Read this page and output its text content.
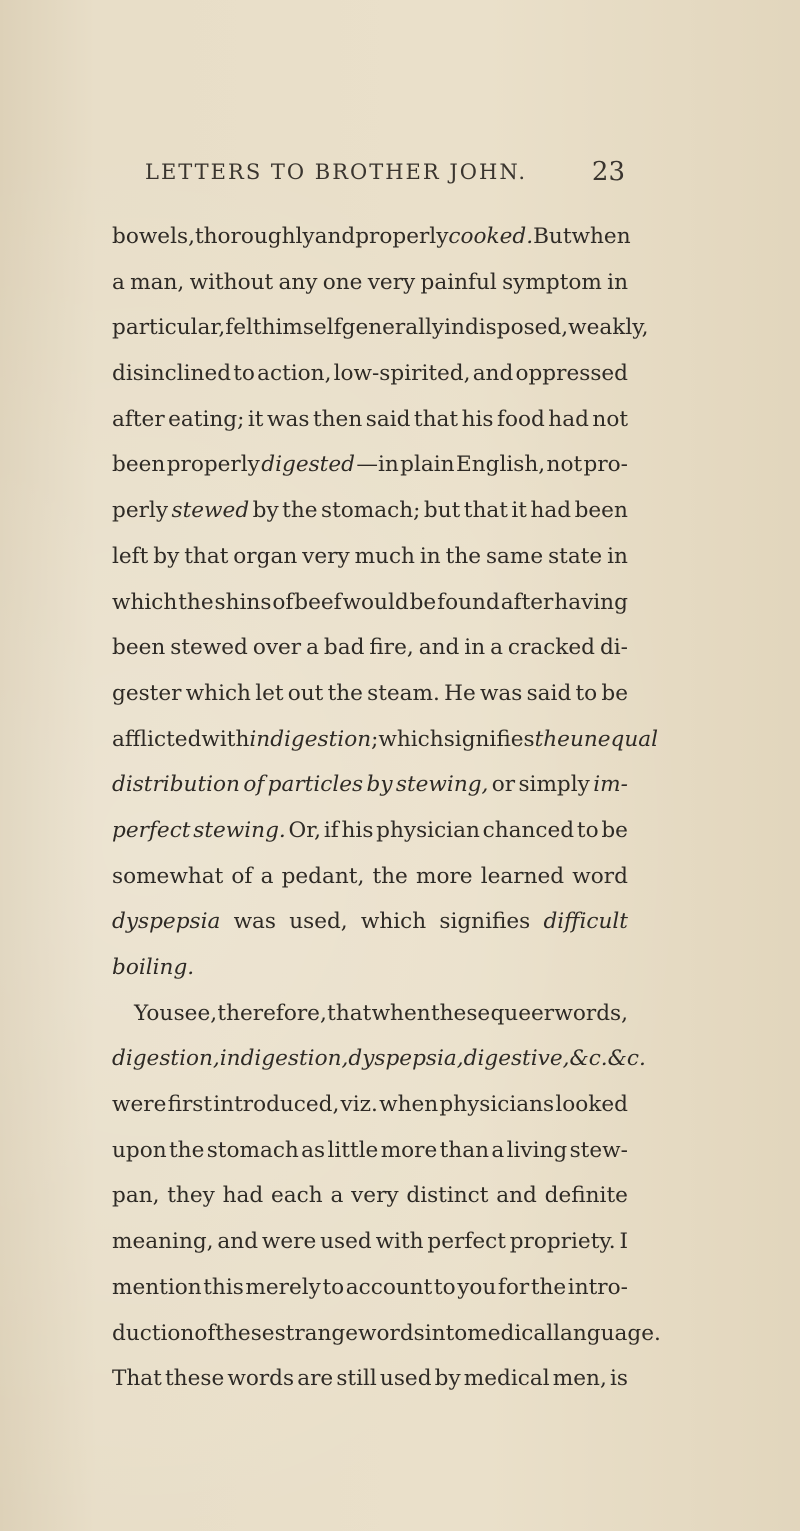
LETTERS TO BROTHER JOHN. 23
bowels, thoroughly and properly cooked. But when
a man, without any one very painful symptom in
particular, felt himself generally indisposed, weakly,
disinclined to action, low-spirited, and oppressed
after eating; it was then said that his food had not
been properly digested —in plain English, not pro-
perly stewed by the stomach; but that it had been
left by that organ very much in the same state in
which the shins of beef would be found after having
been stewed over a bad fire, and in a cracked di-
gester which let out the steam. He was said to be
afflicted with indigestion ; which signifies the unequal
distribution of particles by stewing, or simply im-
perfect stewing. Or, if his physician chanced to be
somewhat of a pedant, the more learned word
dyspepsia was used, which signifies difficult
boiling.
You see, therefore, that when these queer words,
digestion, indigestion, dyspepsia, digestive, &c. &c.
were first introduced, viz. when physicians looked
upon the stomach as little more than a living stew-
pan, they had each a very distinct and definite
meaning, and were used with perfect propriety. I
mention this merely to account to you for the intro-
duction of these strange words into medical language.
That these words are still used by medical men, is
